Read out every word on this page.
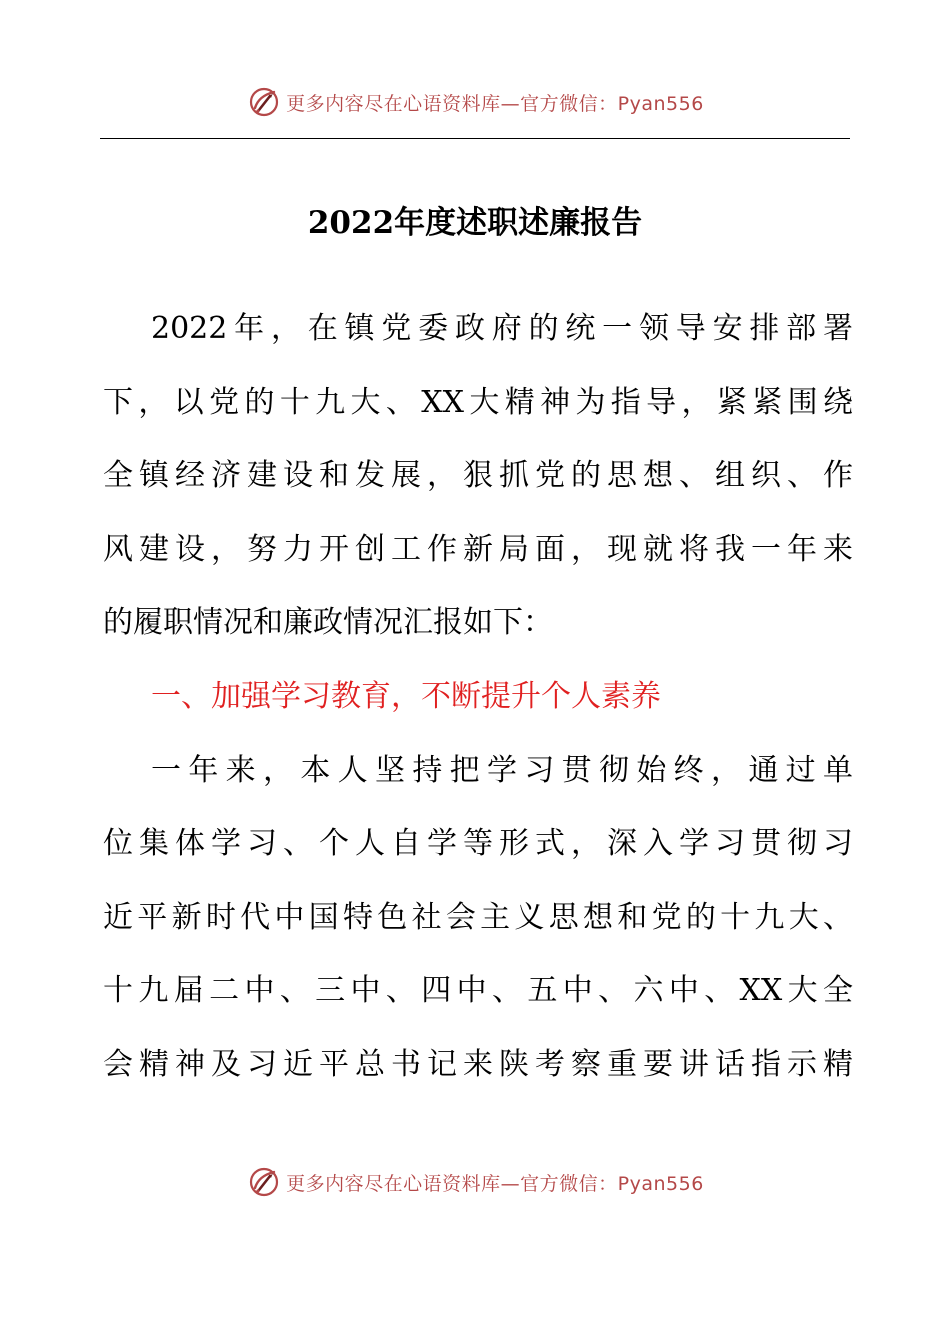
更多内容尽在心语资料库—官方微信：Pyan556
2022年度述职述廉报告
2022年，在镇党委政府的统一领导安排部署
下，以党的十九大、XX大精神为指导，紧紧围绕
全镇经济建设和发展，狠抓党的思想、组织、作
风建设，努力开创工作新局面，现就将我一年来
的履职情况和廉政情况汇报如下：
一、加强学习教育，不断提升个人素养
一年来，本人坚持把学习贯彻始终，通过单
位集体学习、个人自学等形式，深入学习贯彻习
近平新时代中国特色社会主义思想和党的十九大、
十九届二中、三中、四中、五中、六中、XX大全
会精神及习近平总书记来陕考察重要讲话指示精
更多内容尽在心语资料库—官方微信：Pyan556
